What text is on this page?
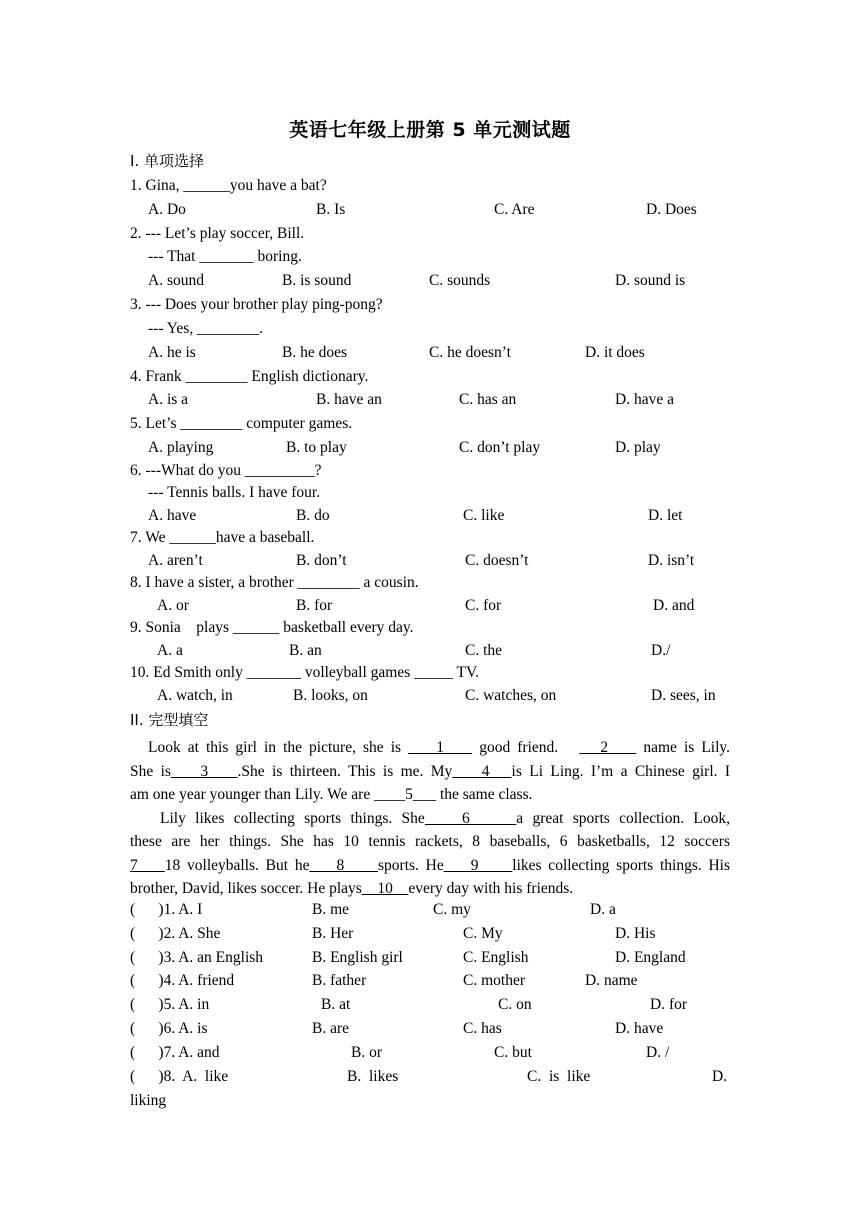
英语七年级上册第 5 单元测试题
I. 单项选择
1. Gina, ______you have a bat?
A. Do	B. Is	C. Are	D. Does
2. --- Let’s play soccer, Bill.
--- That _______ boring.
A. sound	B. is sound	C. sounds	D. sound is
3. --- Does your brother play ping-pong?
--- Yes, ________.
A. he is	B. he does	C. he doesn’t	D. it does
4. Frank ________ English dictionary.
A. is a	B. have an	C. has an	D. have a
5. Let’s ________ computer games.
A. playing	B. to play	C. don’t play	D. play
6. ---What do you _________?
--- Tennis balls. I have four.
A. have	B. do	C. like	D. let
7. We ______have a baseball.
A. aren’t	B. don’t	C. doesn’t	D. isn’t
8. I have a sister, a brother ________ a cousin.
A. or	B. for	C. for	D. and
9. Sonia    plays ______ basketball every day.
A. a	B. an	C. the	D./
10. Ed Smith only _______ volleyball games _____ TV.
A. watch, in	B. looks, on	C. watches, on	D. sees, in
II. 完型填空
Look at this girl in the picture, she is     1     good friend.      2     name is Lily.
She is    3    .She is thirteen. This is me. My    4   is Li Ling. I’m a Chinese girl. I
am one year younger than Lily. We are ____5___ the same class.
Lily likes collecting sports things. She    6     a great sports collection. Look,
these are her things. She has 10 tennis rackets, 8 baseballs, 6 basketballs, 12 soccers
7    18 volleyballs. But he    8     sports. He    9     likes collecting sports things. His
brother, David, likes soccer. He plays    10    every day with his friends.
(      )1. A. I	B. me	C. my	D. a
(      )2. A. She	B. Her	C. My	D. His
(      )3. A. an English	B. English girl	C. English	D. England
(      )4. A. friend	B. father	C. mother	D. name
(      )5. A. in	B. at	C. on	D. for
(      )6. A. is	B. are	C. has	D. have
(      )7. A. and	B. or	C. but	D. /
(      )8.  A.  like	B.  likes	C.  is  like	D.
liking
